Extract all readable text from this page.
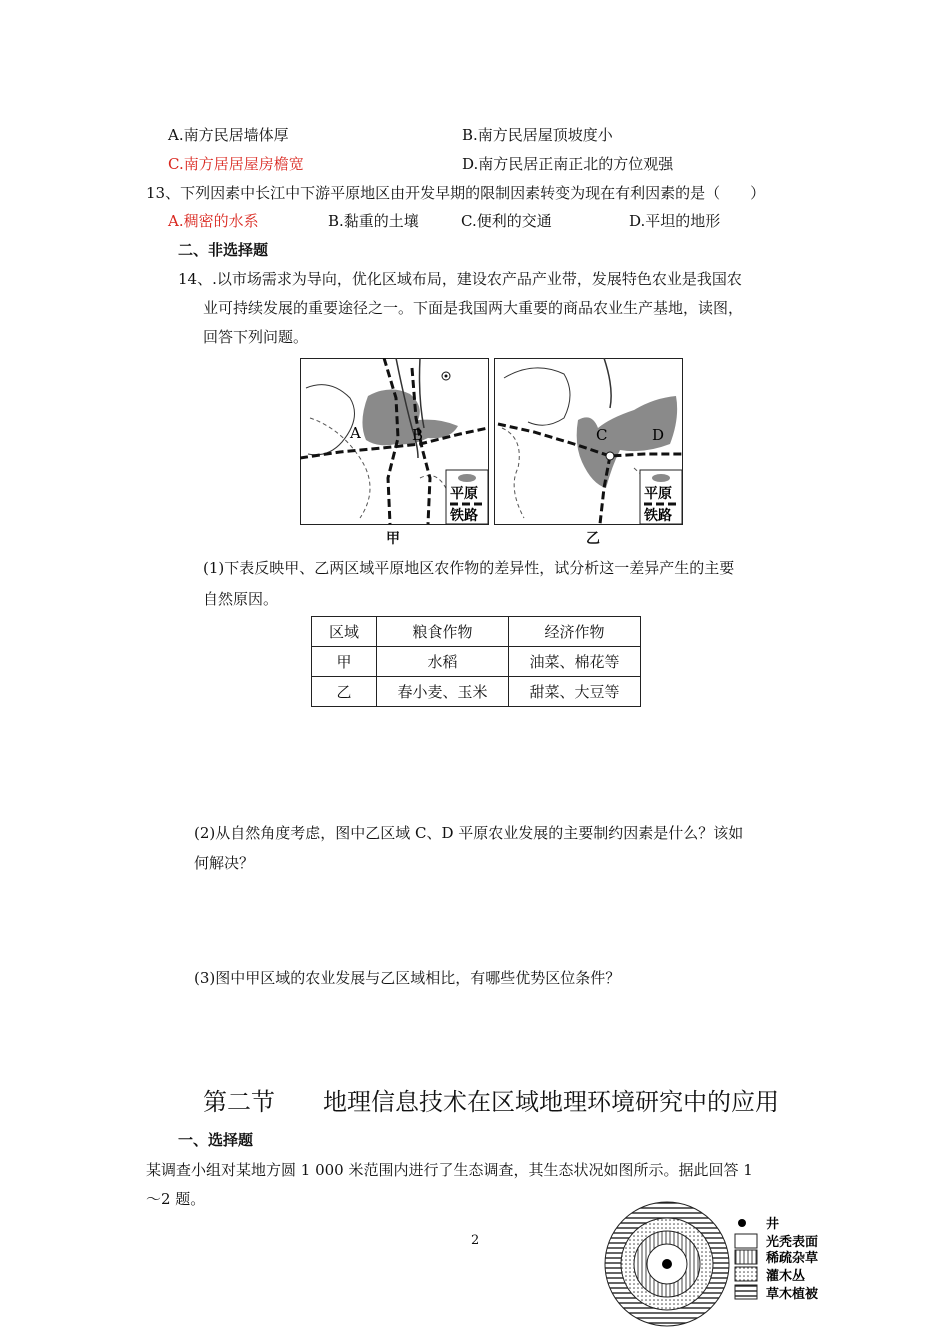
A.南方民居墙体厚	B.南方民居屋顶坡度小
C.南方居居屋房檐宽	D.南方民居正南正北的方位观强
13、下列因素中长江中下游平原地区由开发早期的限制因素转变为现在有利因素的是（　　）
A.稠密的水系	B.黏重的土壤	C.便利的交通	D.平坦的地形
二、非选择题
14、.以市场需求为导向，优化区域布局，建设农产品产业带，发展特色农业是我国农
业可持续发展的重要途径之一。下面是我国两大重要的商品农业生产基地，读图，
回答下列问题。
A	B
平原
铁路
甲
C	D
平原
铁路
乙
(1)下表反映甲、乙两区域平原地区农作物的差异性，试分析这一差异产生的主要
自然原因。
区域	粮食作物	经济作物
甲	水稻	油菜、棉花等
乙	春小麦、玉米	甜菜、大豆等
(2)从自然角度考虑，图中乙区域 C、D 平原农业发展的主要制约因素是什么？该如
何解决？
(3)图中甲区域的农业发展与乙区域相比，有哪些优势区位条件？
第二节　　地理信息技术在区域地理环境研究中的应用
一、选择题
某调查小组对某地方圆 1 000 米范围内进行了生态调查，其生态状况如图所示。据此回答 1
～2 题。
2
井
光秃表面
稀疏杂草
灌木丛
草木植被
